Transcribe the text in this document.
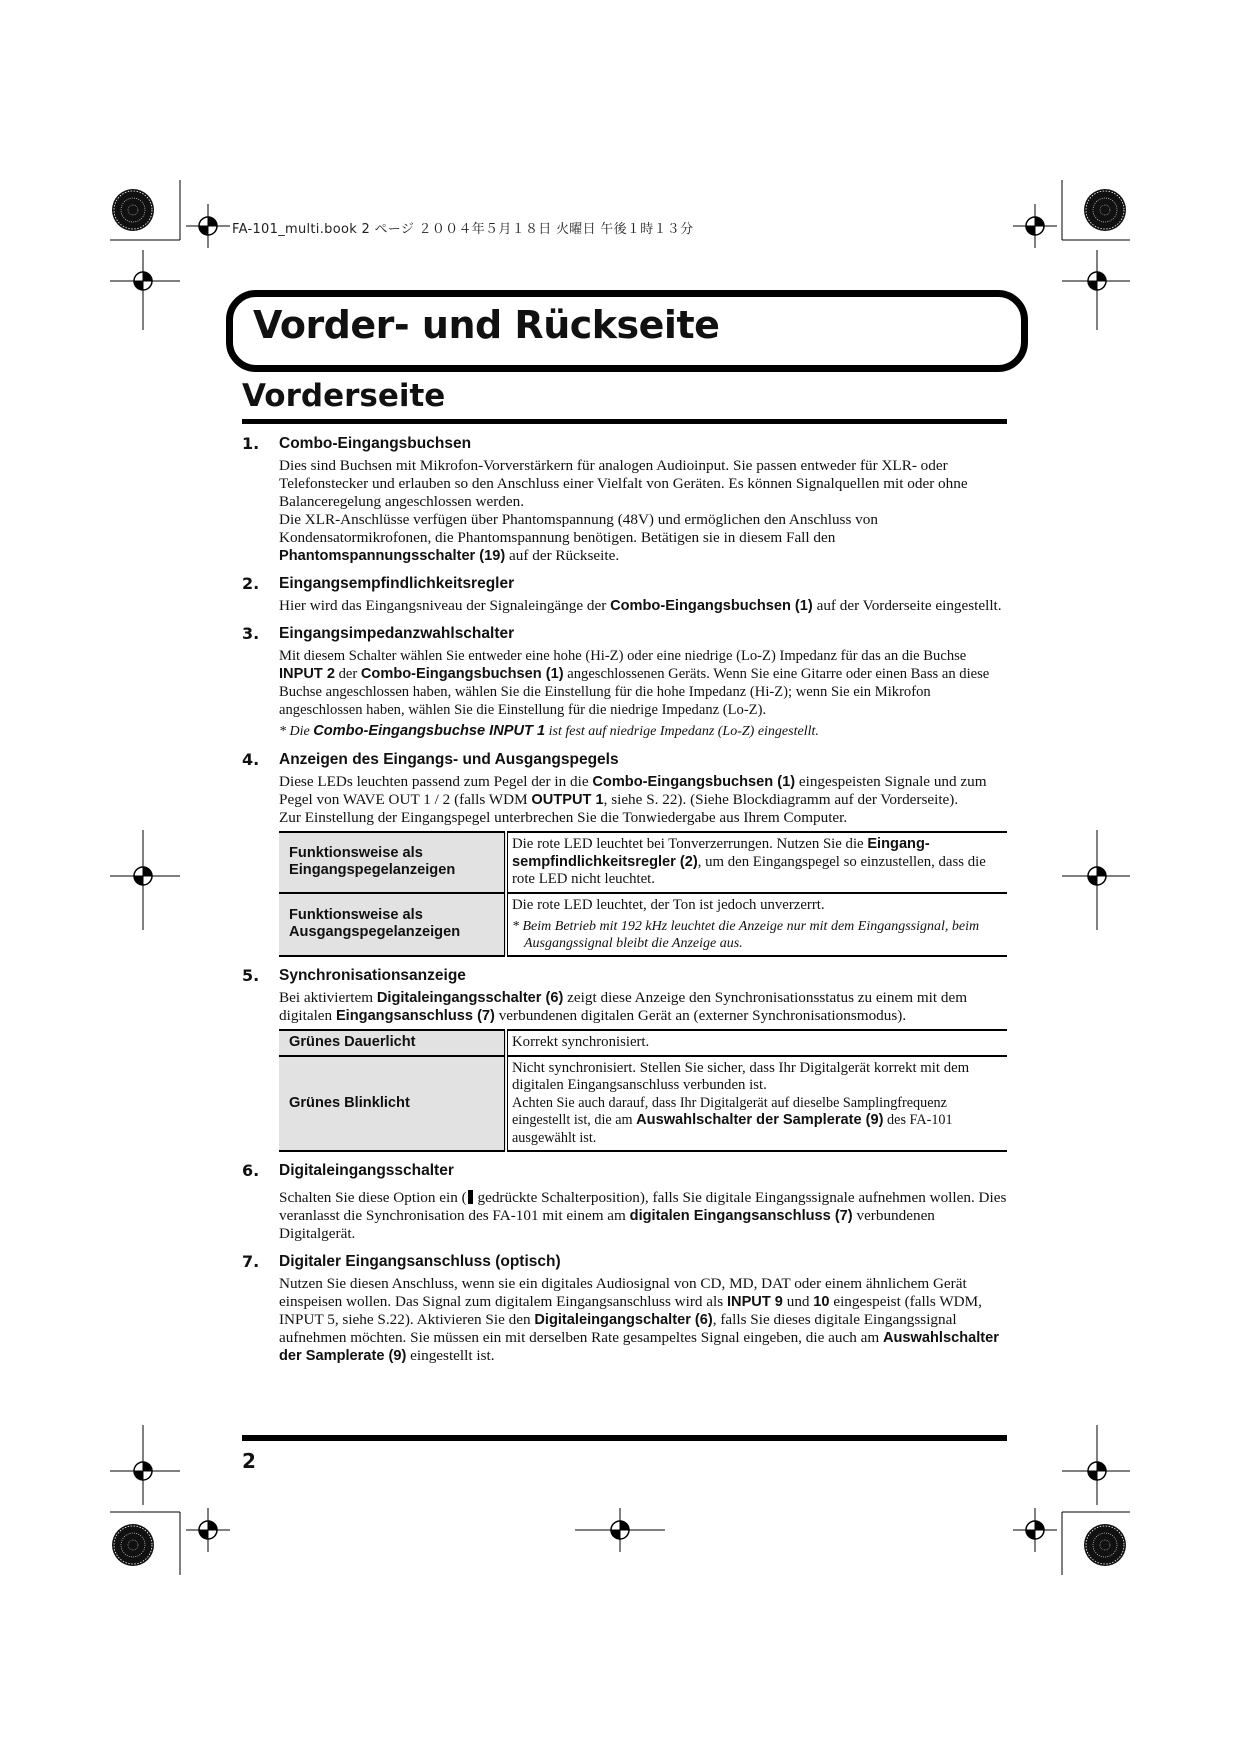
FA-101_multi.book 2 ページ ２００４年５月１８日 火曜日 午後１時１３分
Vorder- und Rückseite
Vorderseite
1. Combo-Eingangsbuchsen

Dies sind Buchsen mit Mikrofon-Vorverstärkern für analogen Audioinput. Sie passen entweder für XLR- oder Telefonstecker und erlauben so den Anschluss einer Vielfalt von Geräten. Es können Signalquellen mit oder ohne Balanceregelung angeschlossen werden.

Die XLR-Anschlüsse verfügen über Phantomspannung (48V) und ermöglichen den Anschluss von Kondensatormikrofonen, die Phantomspannung benötigen. Betätigen sie in diesem Fall den Phantomspannungsschalter (19) auf der Rückseite.

2. Eingangsempfindlichkeitsregler

Hier wird das Eingangsniveau der Signaleingänge der Combo-Eingangsbuchsen (1) auf der Vorderseite eingestellt.

3. Eingangsimpedanzwahlschalter

Mit diesem Schalter wählen Sie entweder eine hohe (Hi-Z) oder eine niedrige (Lo-Z) Impedanz für das an die Buchse INPUT 2 der Combo-Eingangsbuchsen (1) angeschlossenen Geräts. Wenn Sie eine Gitarre oder einen Bass an diese Buchse angeschlossen haben, wählen Sie die Einstellung für die hohe Impedanz (Hi-Z); wenn Sie ein Mikrofon angeschlossen haben, wählen Sie die Einstellung für die niedrige Impedanz (Lo-Z).

* Die Combo-Eingangsbuchse INPUT 1 ist fest auf niedrige Impedanz (Lo-Z) eingestellt.
4. Anzeigen des Eingangs- und Ausgangspegels

Diese LEDs leuchten passend zum Pegel der in die Combo-Eingangsbuchsen (1) eingespeisten Signale und zum Pegel von WAVE OUT 1 / 2 (falls WDM OUTPUT 1, siehe S. 22). (Siehe Blockdiagramm auf der Vorderseite).

Zur Einstellung der Eingangspegel unterbrechen Sie die Tonwiedergabe aus Ihrem Computer.

Funktionsweise als Eingangspegelanzeigen	Die rote LED leuchtet bei Tonverzerrungen. Nutzen Sie die Eingangsempfindlichkeitsregler (2), um den Eingangspegel so einzustellen, dass die rote LED nicht leuchtet.
Funktionsweise als Ausgangspegelanzeigen	Die rote LED leuchtet, der Ton ist jedoch unverzerrt.
* Beim Betrieb mit 192 kHz leuchtet die Anzeige nur mit dem Eingangssignal, beim Ausgangssignal bleibt die Anzeige aus.
5. Synchronisationsanzeige

Bei aktiviertem Digitaleingangsschalter (6) zeigt diese Anzeige den Synchronisationsstatus zu einem mit dem digitalen Eingangsanschluss (7) verbundenen digitalen Gerät an (externer Synchronisationsmodus).

Grünes Dauerlicht	Korrekt synchronisiert.
Grünes Blinklicht	Nicht synchronisiert. Stellen Sie sicher, dass Ihr Digitalgerät korrekt mit dem digitalen Eingangsanschluss verbunden ist.
Achten Sie auch darauf, dass Ihr Digitalgerät auf dieselbe Samplingfrequenz eingestellt ist, die am Auswahlschalter der Samplerate (9) des FA-101 ausgewählt ist.
6. Digitaleingangsschalter

Schalten Sie diese Option ein ( gedrückte Schalterposition), falls Sie digitale Eingangssignale aufnehmen wollen. Dies veranlasst die Synchronisation des FA-101 mit einem am digitalen Eingangsanschluss (7) verbundenen Digitalgerät.

7. Digitaler Eingangsanschluss (optisch)

Nutzen Sie diesen Anschluss, wenn sie ein digitales Audiosignal von CD, MD, DAT oder einem ähnlichem Gerät einspeisen wollen. Das Signal zum digitalem Eingangsanschluss wird als INPUT 9 und 10 eingespeist (falls WDM, INPUT 5, siehe S.22). Aktivieren Sie den Digitaleingangschalter (6), falls Sie dieses digitale Eingangssignal aufnehmen möchten. Sie müssen ein mit derselben Rate gesampeltes Signal eingeben, die auch am Auswahlschalter der Samplerate (9) eingestellt ist.

2
